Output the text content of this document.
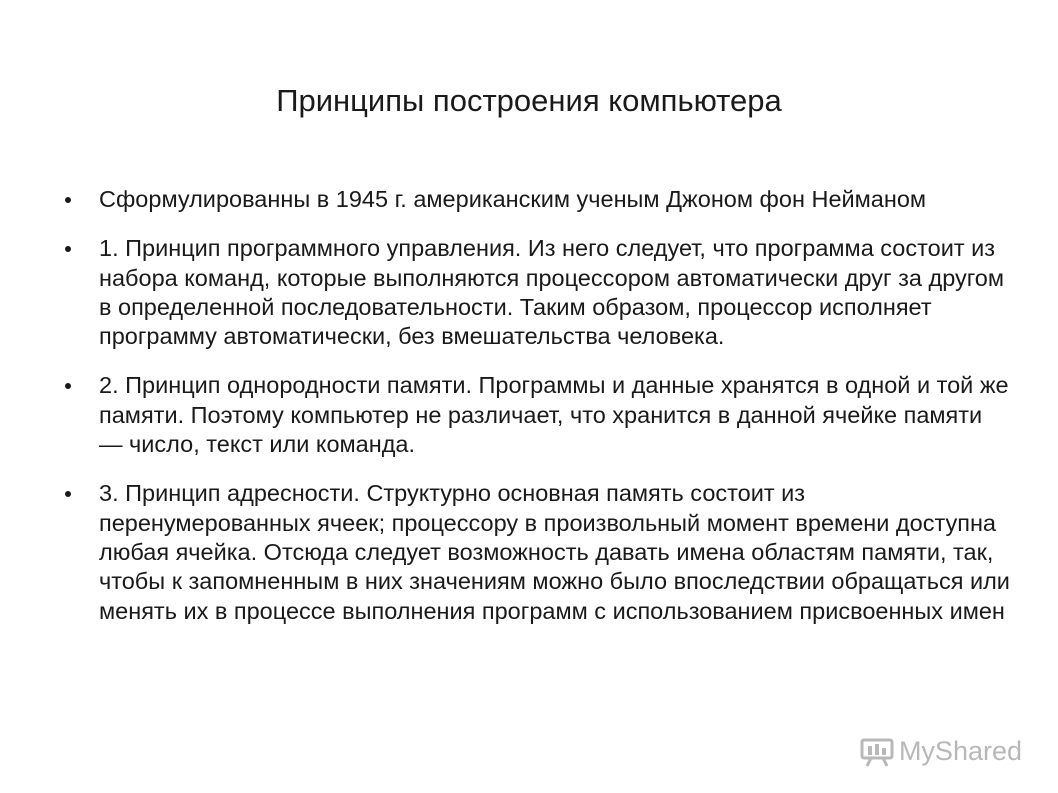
Принципы построения компьютера
Сформулированны в 1945 г. американским ученым Джоном фон Нейманом
1. Принцип программного управления. Из него следует, что программа состоит из набора команд, которые выполняются процессором автоматически друг за другом в определенной последовательности. Таким образом, процессор исполняет программу автоматически, без вмешательства человека.
2. Принцип однородности памяти. Программы и данные хранятся в одной и той же памяти. Поэтому компьютер не различает, что хранится в данной ячейке памяти — число, текст или команда.
3. Принцип адресности. Структурно основная память состоит из перенумерованных ячеек; процессору в произвольный момент времени доступна любая ячейка. Отсюда следует возможность давать имена областям памяти, так, чтобы к запомненным в них значениям можно было впоследствии обращаться или менять их в процессе выполнения программ с использованием присвоенных имен
MyShared
